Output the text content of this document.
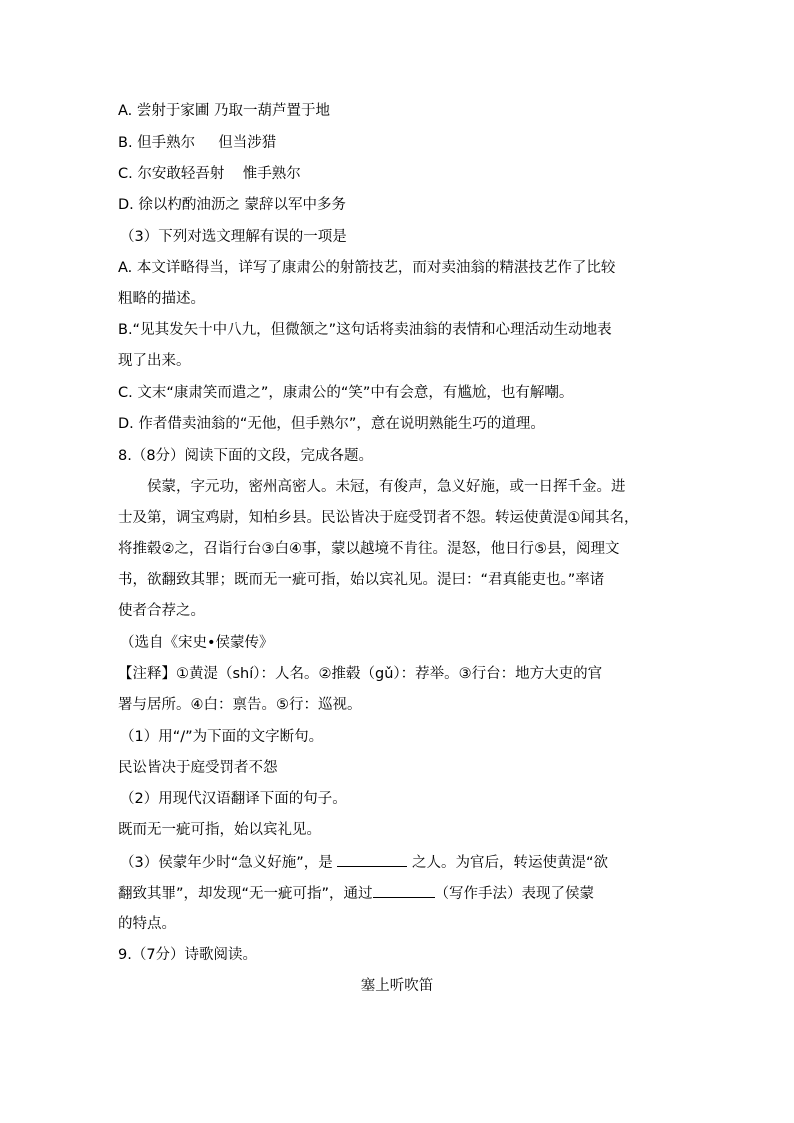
A. 尝射于家圃 乃取一葫芦置于地
B. 但手熟尔     但当涉猎
C. 尔安敢轻吾射    惟手熟尔
D. 徐以杓酌油沥之 蒙辞以军中多务
（3）下列对选文理解有误的一项是
A. 本文详略得当，详写了康肃公的射箭技艺，而对卖油翁的精湛技艺作了比较
粗略的描述。
B.“见其发矢十中八九，但微颔之”这句话将卖油翁的表情和心理活动生动地表
现了出来。
C. 文末“康肃笑而遣之”，康肃公的“笑”中有会意，有尴尬，也有解嘲。
D. 作者借卖油翁的“无他，但手熟尔”，意在说明熟能生巧的道理。
8.（8分）阅读下面的文段，完成各题。
侯蒙，字元功，密州高密人。未冠，有俊声，急义好施，或一日挥千金。进
士及第，调宝鸡尉，知柏乡县。民讼皆决于庭受罚者不怨。转运使黄湜①闻其名，
将推毂②之，召诣行台③白④事，蒙以越境不肯往。湜怒，他日行⑤县，阅理文
书，欲翻致其罪；既而无一疵可指，始以宾礼见。湜曰：“君真能吏也。”率诸
使者合荐之。
（选自《宋史•侯蒙传》
【注释】①黄湜（shí）：人名。②推毂（gǔ）：荐举。③行台：地方大吏的官
署与居所。④白：禀告。⑤行：巡视。
（1）用“/”为下面的文字断句。
民讼皆决于庭受罚者不怨
（2）用现代汉语翻译下面的句子。
既而无一疵可指，始以宾礼见。
（3）侯蒙年少时“急义好施”，是	之人。为官后，转运使黄湜“欲
翻致其罪”，却发现“无一疵可指”，通过	（写作手法）表现了侯蒙
的特点。
9.（7分）诗歌阅读。
塞上听吹笛
